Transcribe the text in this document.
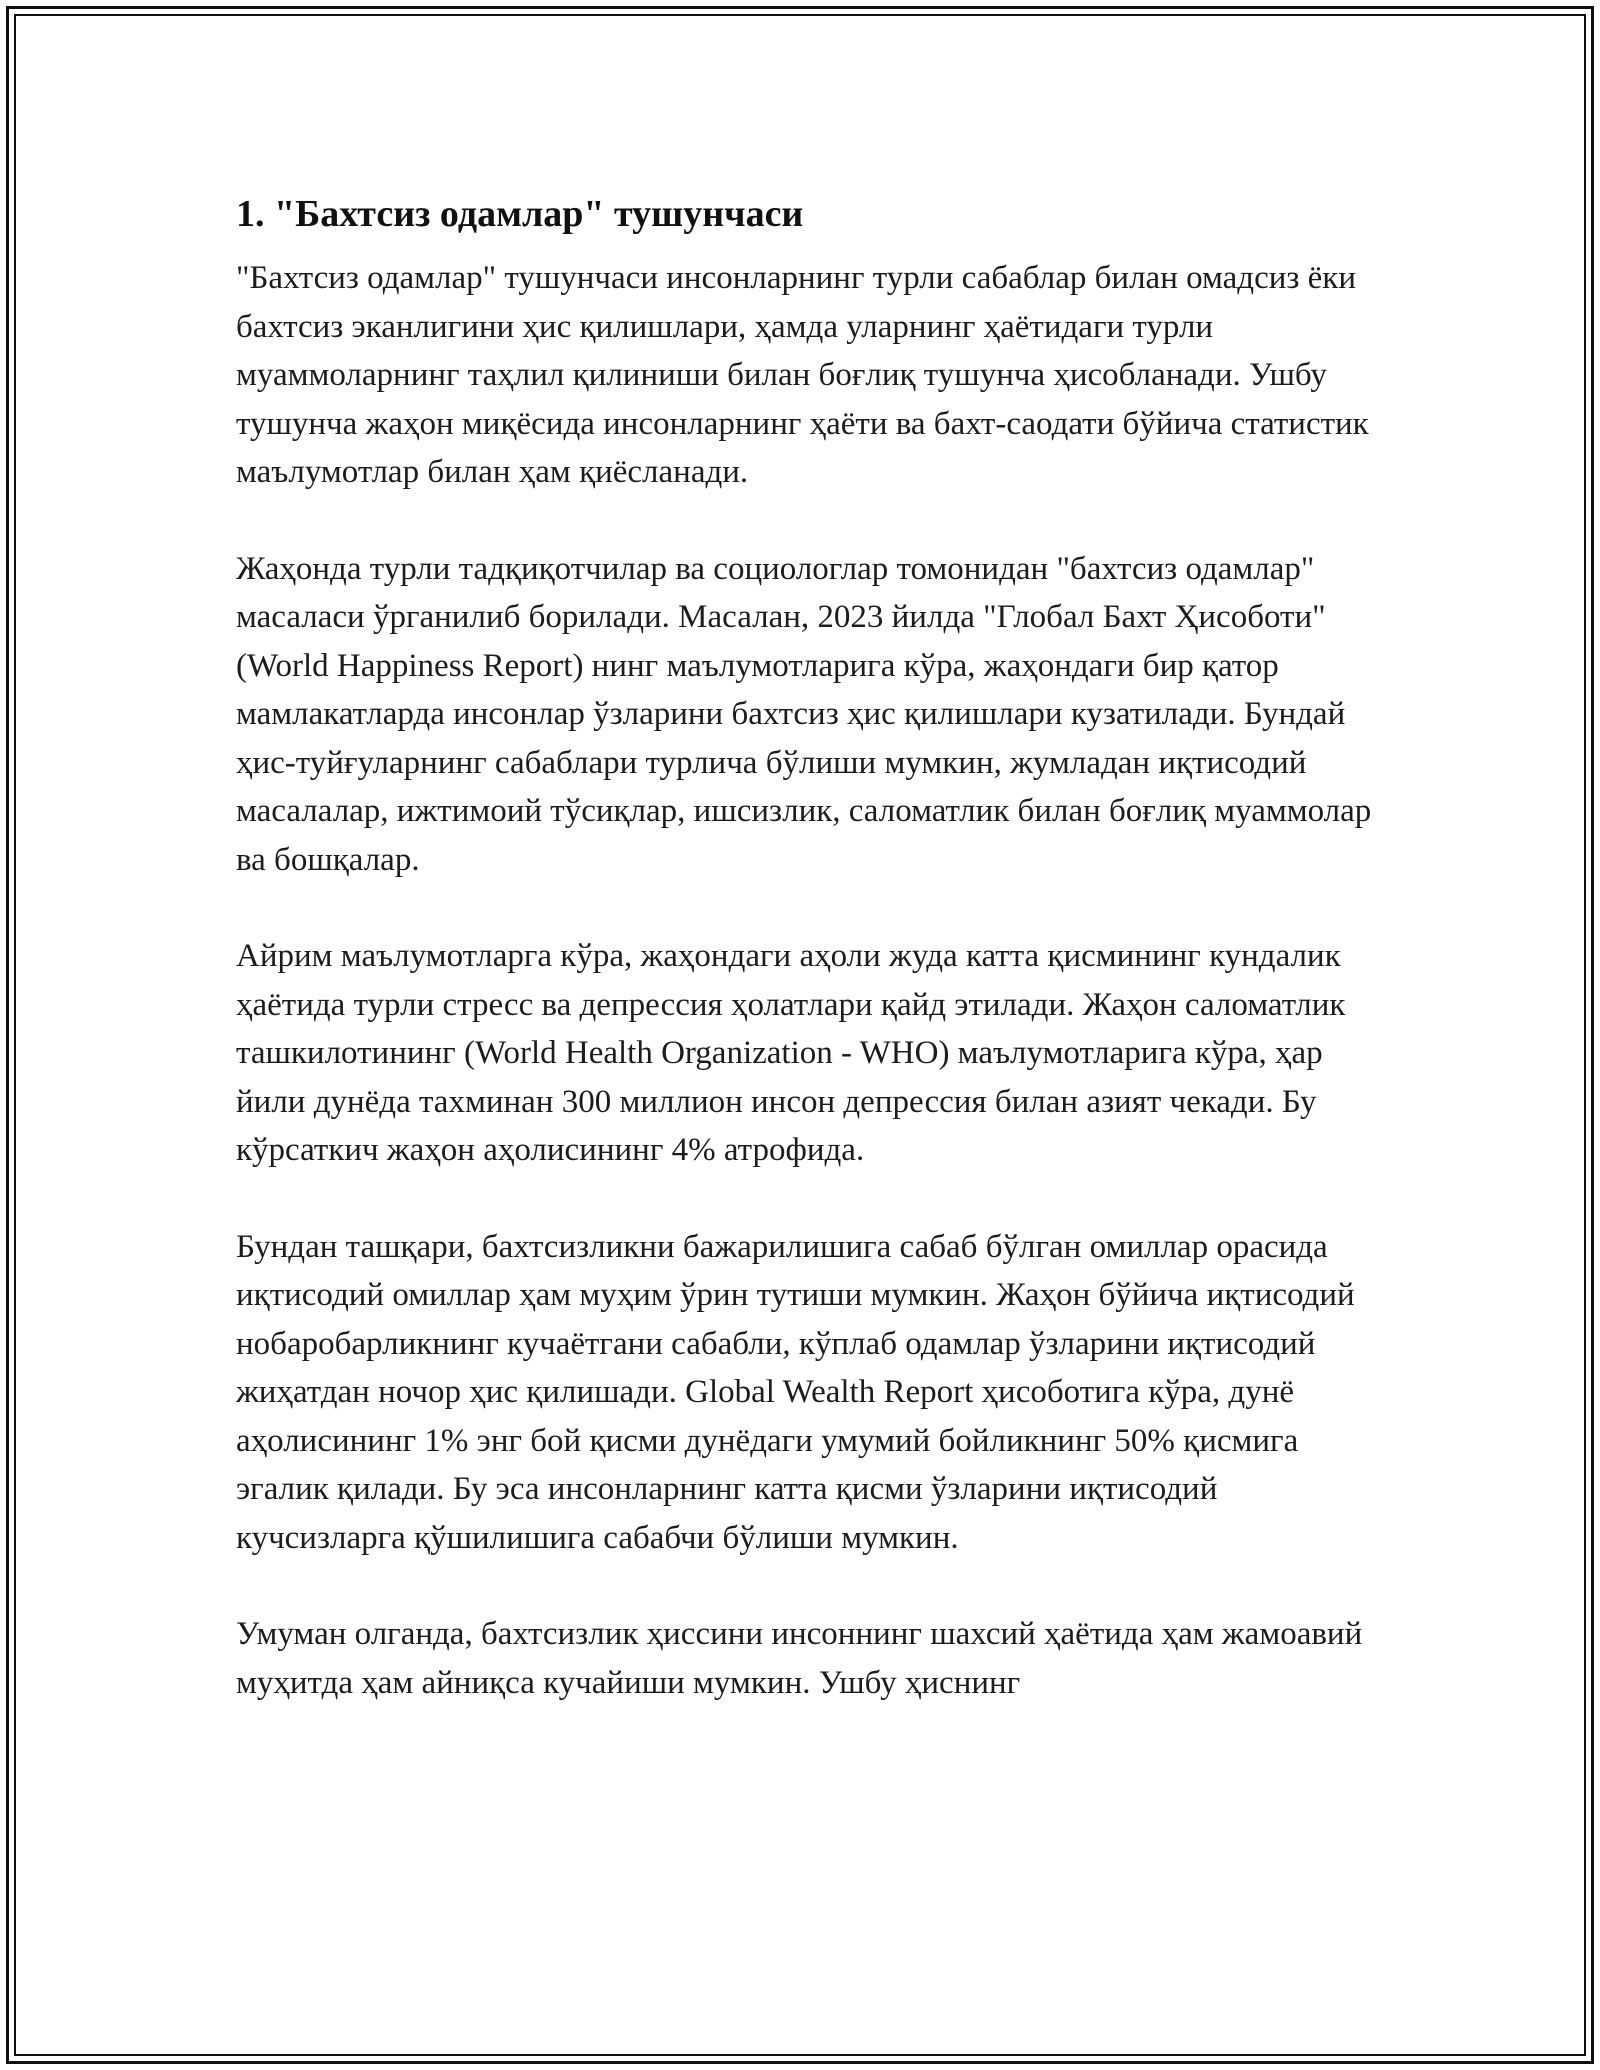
1. "Бахтсиз одамлар" тушунчаси

"Бахтсиз одамлар" тушунчаси инсонларнинг турли сабаблар билан омадсиз ёки бахтсиз эканлигини ҳис қилишлари, ҳамда уларнинг ҳаётидаги турли муаммоларнинг таҳлил қилиниши билан боғлиқ тушунча ҳисобланади. Ушбу тушунча жаҳон миқёсида инсонларнинг ҳаёти ва бахт-саодати бўйича статистик маълумотлар билан ҳам қиёсланади.

Жаҳонда турли тадқиқотчилар ва социологлар томонидан "бахтсиз одамлар" масаласи ўрганилиб борилади. Масалан, 2023 йилда "Глобал Бахт Ҳисоботи" (World Happiness Report) нинг маълумотларига кўра, жаҳондаги бир қатор мамлакатларда инсонлар ўзларини бахтсиз ҳис қилишлари кузатилади. Бундай ҳис-туйғуларнинг сабаблари турлича бўлиши мумкин, жумладан иқтисодий масалалар, ижтимоий тўсиқлар, ишсизлик, саломатлик билан боғлиқ муаммолар ва бошқалар.

Айрим маълумотларга кўра, жаҳондаги аҳоли жуда катта қисмининг кундалик ҳаётида турли стресс ва депрессия ҳолатлари қайд этилади. Жаҳон саломатлик ташкилотининг (World Health Organization - WHO) маълумотларига кўра, ҳар йили дунёда тахминан 300 миллион инсон депрессия билан азият чекади. Бу кўрсаткич жаҳон аҳолисининг 4% атрофида.

Бундан ташқари, бахтсизликни бажарилишига сабаб бўлган омиллар орасида иқтисодий омиллар ҳам муҳим ўрин тутиши мумкин. Жаҳон бўйича иқтисодий нобаробарликнинг кучаётгани сабабли, кўплаб одамлар ўзларини иқтисодий жиҳатдан ночор ҳис қилишади. Global Wealth Report ҳисоботига кўра, дунё аҳолисининг 1% энг бой қисми дунёдаги умумий бойликнинг 50% қисмига эгалик қилади. Бу эса инсонларнинг катта қисми ўзларини иқтисодий кучсизларга қўшилишига сабабчи бўлиши мумкин.

Умуман олганда, бахтсизлик ҳиссини инсоннинг шахсий ҳаётида ҳам жамоавий муҳитда ҳам айниқса кучайиши мумкин. Ушбу ҳиснинг
